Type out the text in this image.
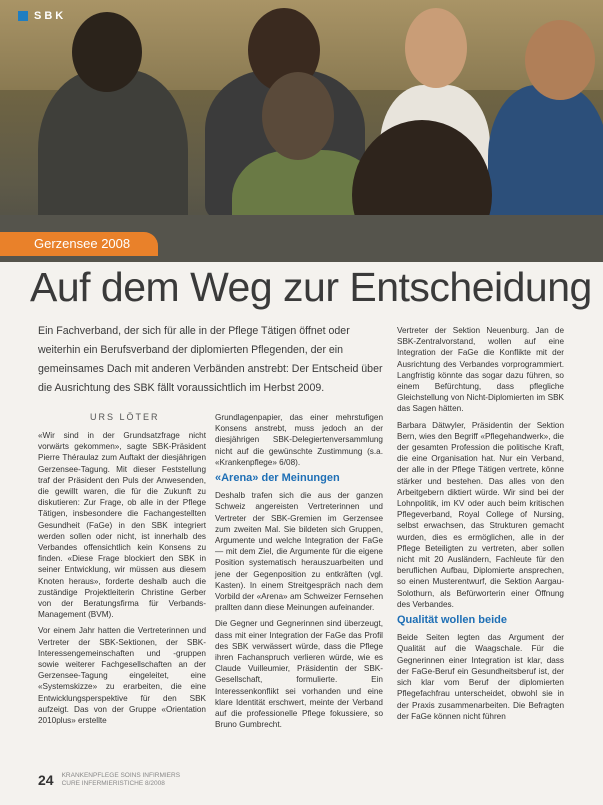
SBK
Gerzensee 2008
Auf dem Weg zur Entscheidung
Ein Fachverband, der sich für alle in der Pflege Tätigen öffnet oder weiterhin ein Berufsverband der diplomierten Pflegenden, der ein gemeinsames Dach mit anderen Verbänden anstrebt: Der Entscheid über die Ausrichtung des SBK fällt voraussichtlich im Herbst 2009.
URS LÖTER

«Wir sind in der Grundsatzfrage nicht vorwärts gekommen», sagte SBK-Präsident Pierre Théraulaz zum Auftakt der diesjährigen Gerzensee-Tagung. Mit dieser Feststellung traf der Präsident den Puls der Anwesenden, die gewillt waren, die für die Zukunft zu diskutieren: Zur Frage, ob alle in der Pflege Tätigen, insbesondere die Fachangestellten Gesundheit (FaGe) in den SBK integriert werden sollen oder nicht, ist innerhalb des Verbandes offensichtlich kein Konsens zu finden. «Diese Frage blockiert den SBK in seiner Entwicklung, wir müssen aus diesem Knoten heraus», forderte deshalb auch die zuständige Projektleiterin Christine Gerber von der Beratungsfirma für Verbands-Management (BVM).

Vor einem Jahr hatten die Vertreterinnen und Vertreter der SBK-Sektionen, der SBK-Interessengemeinschaften und -gruppen sowie weiterer Fachgesellschaften an der Gerzensee-Tagung eingeleitet, eine «Systemskizze» zu erarbeiten, die eine Entwicklungsperspektive für den SBK aufzeigt. Das von der Gruppe «Orientation 2010plus» erstellte

Grundlagenpapier, das einer mehrstufigen Konsens anstrebt, muss jedoch an der diesjährigen SBK-Delegiertenversammlung nicht auf die gewünschte Zustimmung (s.a. «Krankenpflege» 6/08).

«Arena» der Meinungen

Deshalb trafen sich die aus der ganzen Schweiz angereisten Vertreterinnen und Vertreter der SBK-Gremien im Gerzensee zum zweiten Mal. Sie bildeten sich Gruppen, Argumente und welche Integration der FaGe — mit dem Ziel, die Argumente für die eigene Position systematisch herauszuarbeiten und jene der Gegenposition zu entkräften (vgl. Kasten). In einem Streitgespräch nach dem Vorbild der «Arena» am Schweizer Fernsehen prallten dann diese Meinungen aufeinander.

Die Gegner und Gegnerinnen sind überzeugt, dass mit einer Integration der FaGe das Profil des SBK verwässert würde, dass die Pflege ihren Fachanspruch verlieren würde, wie es Claude Vuilleumier, Präsidentin der SBK-Gesellschaft, formulierte. Ein Interessenkonflikt sei vorhanden und eine klare Identität erschwert, meinte der Verband auf die professionelle Pflege fokussiere, so Bruno Gumbrecht.

Vertreter der Sektion Neuenburg. Jan de SBK-Zentralvorstand, wollen auf eine Integration der FaGe die Konflikte mit der Ausrichtung des Verbandes vorprogrammiert. Langfristig könnte das sogar dazu führen, so einem Befürchtung, dass pflegliche Gleichstellung von Nicht-Diplomierten im SBK das Sagen hätten.

Barbara Dätwyler, Präsidentin der Sektion Bern, wies den Begriff «Pflegehandwerk», die der gesamten Profession die politische Kraft, die eine Organisation hat. Nur ein Verband, der alle in der Pflege Tätigen vertrete, könne stärker und bestehen. Das alles von den Arbeitgebern diktiert würde. Wir sind bei der Lohnpolitik, im KV oder auch beim kritischen Pflegeverband, Royal College of Nursing, selbst erwachsen, das Strukturen gemacht wurden, dies es ermöglichen, alle in der Pflege Beteiligten zu vertreten, aber sollen nicht mit 20 Ausländern, Fachleute für den beruflichen Aufbau, Diplomierte ansprechen, so einen Musterentwurf, die Sektion Aargau-Solothurn, als Befürworterin einer Öffnung des Verbandes.

Qualität wollen beide

Beide Seiten legten das Argument der Qualität auf die Waagschale. Für die Gegnerinnen einer Integration ist klar, dass der FaGe-Beruf ein Gesundheitsberuf ist, der sich klar vom Beruf der diplomierten Pflegefachfrau unterscheidet, obwohl sie in der Praxis zusammenarbeiten. Die Befragten der FaGe können nicht führen

24 KRANKENPFLEGE SOINS INFIRMIERS
CURE INFERMIERISTICHE 8/2008
